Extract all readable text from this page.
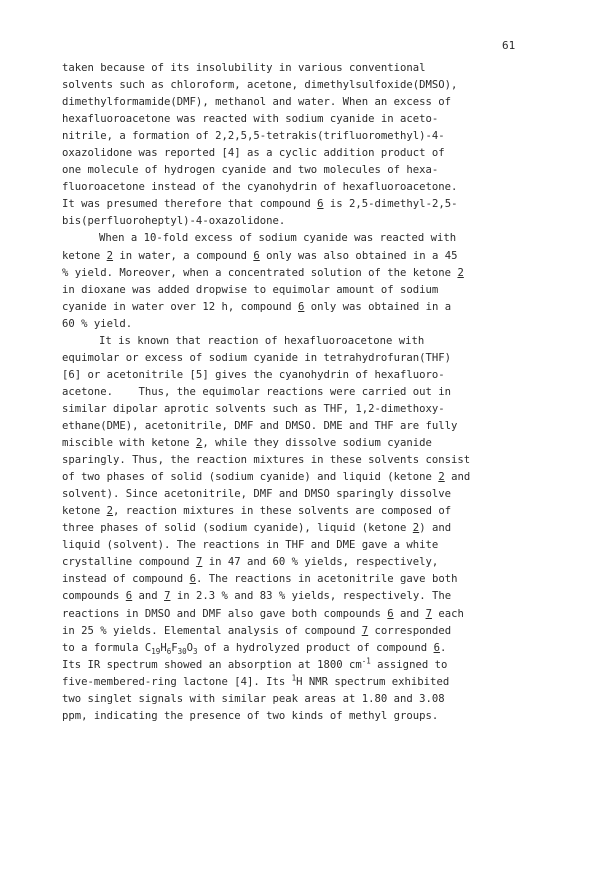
61
taken because of its insolubility in various conventional
solvents such as chloroform, acetone, dimethylsulfoxide(DMSO),
dimethylformamide(DMF), methanol and water. When an excess of
hexafluoroacetone was reacted with sodium cyanide in aceto-
nitrile, a formation of 2,2,5,5-tetrakis(trifluoromethyl)-4-
oxazolidone was reported [4] as a cyclic addition product of
one molecule of hydrogen cyanide and two molecules of hexa-
fluoroacetone instead of the cyanohydrin of hexafluoroacetone.
It was presumed therefore that compound 6 is 2,5-dimethyl-2,5-
bis(perfluoroheptyl)-4-oxazolidone.
When a 10-fold excess of sodium cyanide was reacted with
ketone 2 in water, a compound 6 only was also obtained in a 45
% yield. Moreover, when a concentrated solution of the ketone 2
in dioxane was added dropwise to equimolar amount of sodium
cyanide in water over 12 h, compound 6 only was obtained in a
60 % yield.
It is known that reaction of hexafluoroacetone with
equimolar or excess of sodium cyanide in tetrahydrofuran(THF)
[6] or acetonitrile [5] gives the cyanohydrin of hexafluoro-
acetone.    Thus, the equimolar reactions were carried out in
similar dipolar aprotic solvents such as THF, 1,2-dimethoxy-
ethane(DME), acetonitrile, DMF and DMSO. DME and THF are fully
miscible with ketone 2, while they dissolve sodium cyanide
sparingly. Thus, the reaction mixtures in these solvents consist
of two phases of solid (sodium cyanide) and liquid (ketone 2 and
solvent). Since acetonitrile, DMF and DMSO sparingly dissolve
ketone 2, reaction mixtures in these solvents are composed of
three phases of solid (sodium cyanide), liquid (ketone 2) and
liquid (solvent). The reactions in THF and DME gave a white
crystalline compound 7 in 47 and 60 % yields, respectively,
instead of compound 6. The reactions in acetonitrile gave both
compounds 6 and 7 in 2.3 % and 83 % yields, respectively. The
reactions in DMSO and DMF also gave both compounds 6 and 7 each
in 25 % yields. Elemental analysis of compound 7 corresponded
to a formula $C_{19}H_6F_{30}O_3$ of a hydrolyzed product of compound 6.
Its IR spectrum showed an absorption at 1800 $cm^{-1}$ assigned to
five-membered-ring lactone [4]. Its $^1$H NMR spectrum exhibited
two singlet signals with similar peak areas at 1.80 and 3.08
ppm, indicating the presence of two kinds of methyl groups.
